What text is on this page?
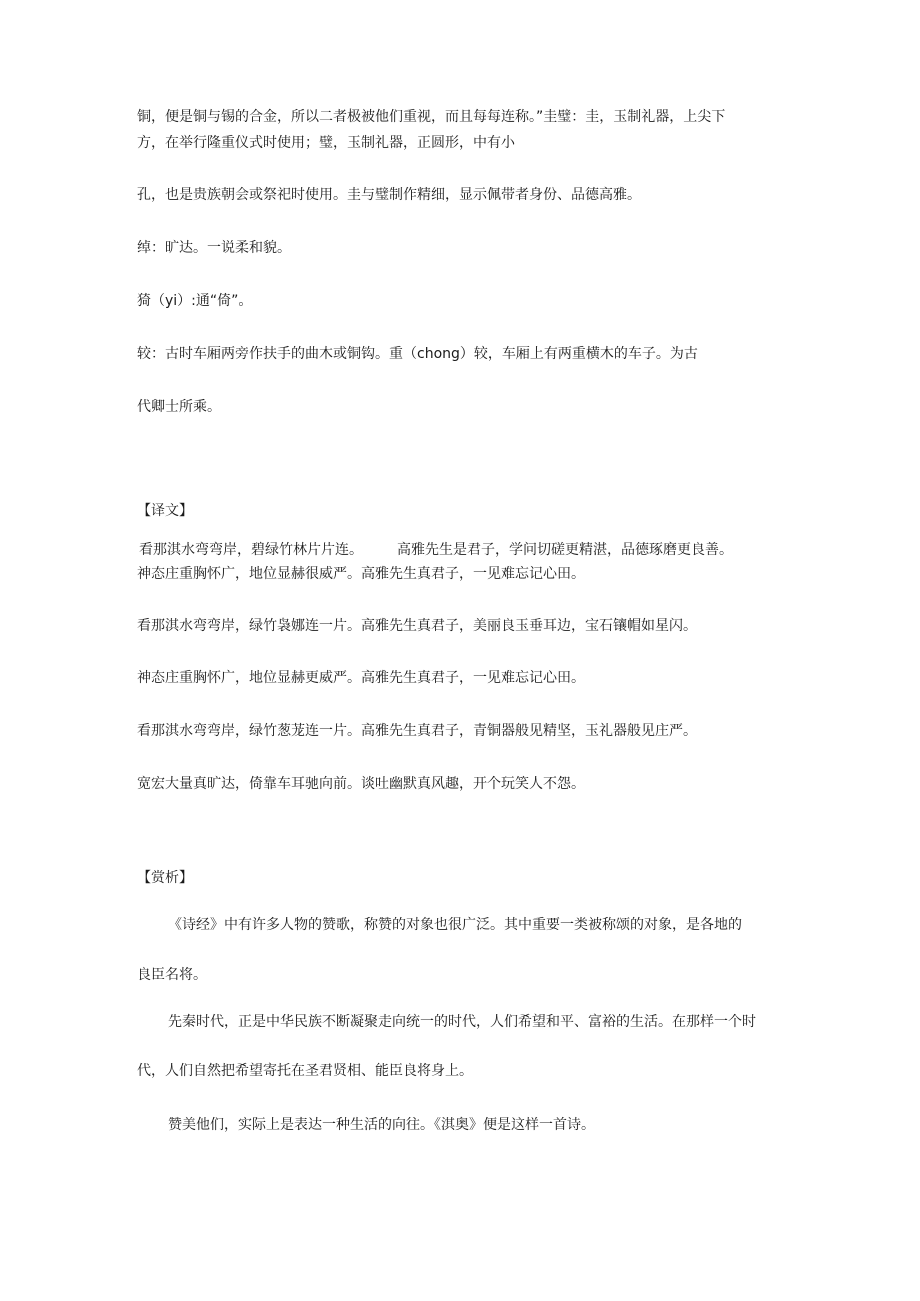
铜，便是铜与锡的合金，所以二者极被他们重视，而且每每连称。”圭璧：圭，玉制礼器，上尖下

方，在举行隆重仪式时使用；璧，玉制礼器，正圆形，中有小

孔，也是贵族朝会或祭祀时使用。圭与璧制作精细，显示佩带者身份、品德高雅。

绰：旷达。一说柔和貌。

猗（yi）:通“倚”。

较：古时车厢两旁作扶手的曲木或铜钩。重（chong）较，车厢上有两重横木的车子。为古

代卿士所乘。

【译文】

看那淇水弯弯岸，碧绿竹林片片连。 高雅先生是君子，学问切磋更精湛，品德琢磨更良善。

神态庄重胸怀广，地位显赫很威严。高雅先生真君子，一见难忘记心田。

看那淇水弯弯岸，绿竹袅娜连一片。高雅先生真君子，美丽良玉垂耳边，宝石镶帽如星闪。

神态庄重胸怀广，地位显赫更威严。高雅先生真君子，一见难忘记心田。

看那淇水弯弯岸，绿竹葱茏连一片。高雅先生真君子，青铜器般见精坚，玉礼器般见庄严。

宽宏大量真旷达，倚靠车耳驰向前。谈吐幽默真风趣，开个玩笑人不怨。

【赏析】

《诗经》中有许多人物的赞歌，称赞的对象也很广泛。其中重要一类被称颂的对象，是各地的

良臣名将。

先秦时代，正是中华民族不断凝聚走向统一的时代，人们希望和平、富裕的生活。在那样一个时

代，人们自然把希望寄托在圣君贤相、能臣良将身上。

赞美他们，实际上是表达一种生活的向往。《淇奥》便是这样一首诗。
